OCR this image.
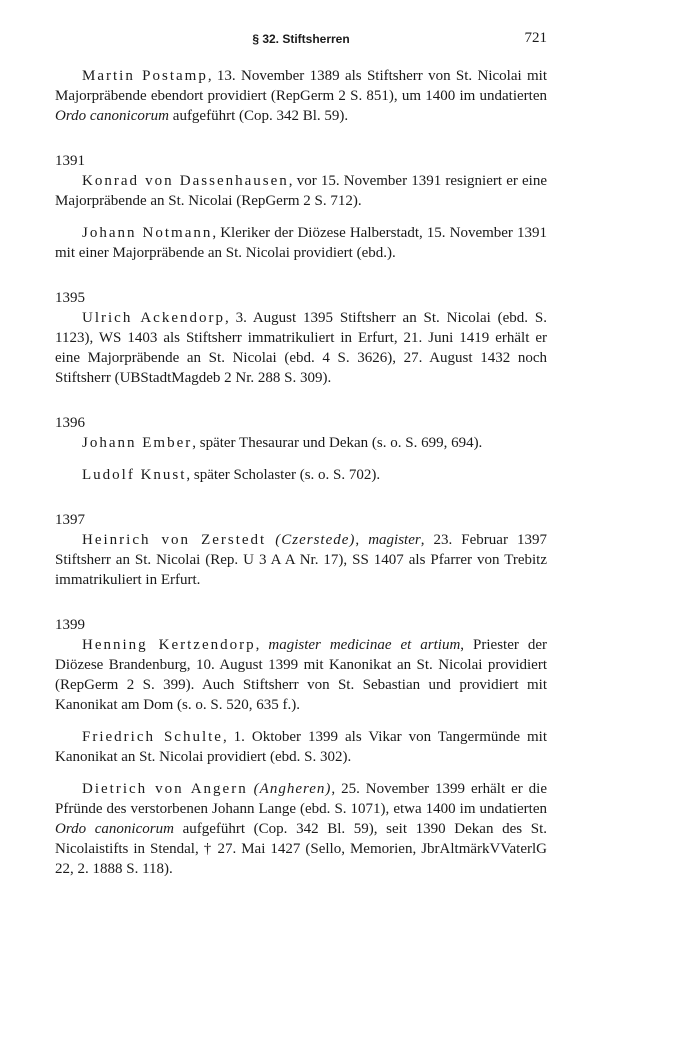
§ 32. Stiftsherren	721

Martin Postamp, 13. November 1389 als Stiftsherr von St. Nicolai mit Majorpräbende ebendort providiert (RepGerm 2 S. 851), um 1400 im undatierten Ordo canonicorum aufgeführt (Cop. 342 Bl. 59).

1391

Konrad von Dassenhausen, vor 15. November 1391 resigniert er eine Majorpräbende an St. Nicolai (RepGerm 2 S. 712).

Johann Notmann, Kleriker der Diözese Halberstadt, 15. November 1391 mit einer Majorpräbende an St. Nicolai providiert (ebd.).

1395

Ulrich Ackendorp, 3. August 1395 Stiftsherr an St. Nicolai (ebd. S. 1123), WS 1403 als Stiftsherr immatrikuliert in Erfurt, 21. Juni 1419 erhält er eine Majorpräbende an St. Nicolai (ebd. 4 S. 3626), 27. August 1432 noch Stiftsherr (UBStadtMagdeb 2 Nr. 288 S. 309).

1396

Johann Ember, später Thesaurar und Dekan (s. o. S. 699, 694).

Ludolf Knust, später Scholaster (s. o. S. 702).

1397

Heinrich von Zerstedt (Czerstede), magister, 23. Februar 1397 Stiftsherr an St. Nicolai (Rep. U 3 A A Nr. 17), SS 1407 als Pfarrer von Trebitz immatrikuliert in Erfurt.

1399

Henning Kertzendorp, magister medicinae et artium, Priester der Diözese Brandenburg, 10. August 1399 mit Kanonikat an St. Nicolai providiert (RepGerm 2 S. 399). Auch Stiftsherr von St. Sebastian und providiert mit Kanonikat am Dom (s. o. S. 520, 635 f.).

Friedrich Schulte, 1. Oktober 1399 als Vikar von Tangermünde mit Kanonikat an St. Nicolai providiert (ebd. S. 302).

Dietrich von Angern (Angheren), 25. November 1399 erhält er die Pfründe des verstorbenen Johann Lange (ebd. S. 1071), etwa 1400 im undatierten Ordo canonicorum aufgeführt (Cop. 342 Bl. 59), seit 1390 Dekan des St. Nicolaistifts in Stendal, † 27. Mai 1427 (Sello, Memorien, JbrAltmärkVVaterlG 22, 2. 1888 S. 118).
